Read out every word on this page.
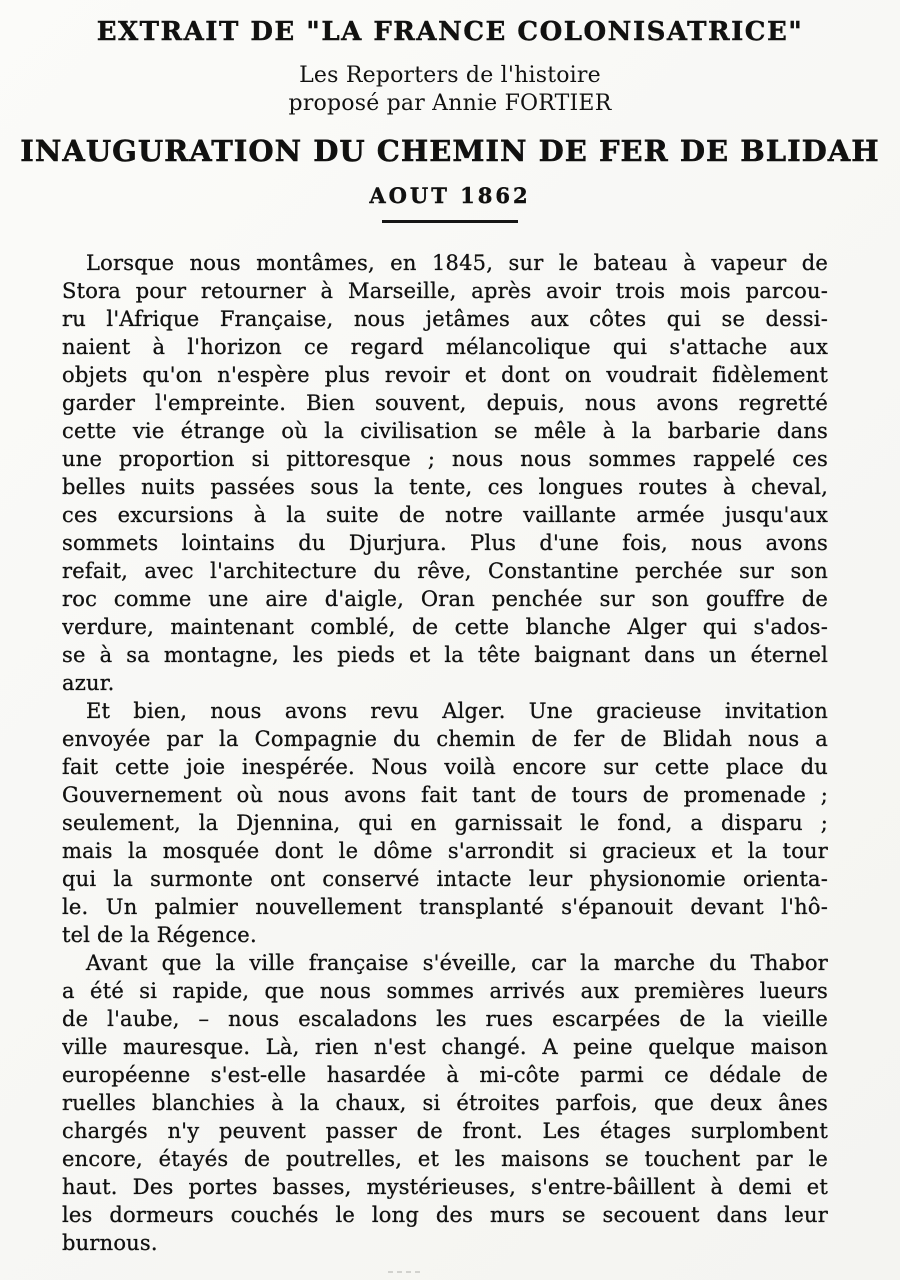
EXTRAIT DE "LA FRANCE COLONISATRICE"

Les Reporters de l'histoire

proposé par Annie FORTIER

INAUGURATION DU CHEMIN DE FER DE BLIDAH
AOUT 1862
Lorsque nous montâmes, en 1845, sur le bateau à vapeur de
Stora pour retourner à Marseille, après avoir trois mois parcou-
ru l'Afrique Française, nous jetâmes aux côtes qui se dessi-
naient à l'horizon ce regard mélancolique qui s'attache aux
objets qu'on n'espère plus revoir et dont on voudrait fidèlement
garder l'empreinte. Bien souvent, depuis, nous avons regretté
cette vie étrange où la civilisation se mêle à la barbarie dans
une proportion si pittoresque ; nous nous sommes rappelé ces
belles nuits passées sous la tente, ces longues routes à cheval,
ces excursions à la suite de notre vaillante armée jusqu'aux
sommets lointains du Djurjura. Plus d'une fois, nous avons
refait, avec l'architecture du rêve, Constantine perchée sur son
roc comme une aire d'aigle, Oran penchée sur son gouffre de
verdure, maintenant comblé, de cette blanche Alger qui s'ados-
se à sa montagne, les pieds et la tête baignant dans un éternel
azur.
Et bien, nous avons revu Alger. Une gracieuse invitation
envoyée par la Compagnie du chemin de fer de Blidah nous a
fait cette joie inespérée. Nous voilà encore sur cette place du
Gouvernement où nous avons fait tant de tours de promenade ;
seulement, la Djennina, qui en garnissait le fond, a disparu ;
mais la mosquée dont le dôme s'arrondit si gracieux et la tour
qui la surmonte ont conservé intacte leur physionomie orienta-
le. Un palmier nouvellement transplanté s'épanouit devant l'hô-
tel de la Régence.
Avant que la ville française s'éveille, car la marche du Thabor
a été si rapide, que nous sommes arrivés aux premières lueurs
de l'aube, – nous escaladons les rues escarpées de la vieille
ville mauresque. Là, rien n'est changé. A peine quelque maison
européenne s'est-elle hasardée à mi-côte parmi ce dédale de
ruelles blanchies à la chaux, si étroites parfois, que deux ânes
chargés n'y peuvent passer de front. Les étages surplombent
encore, étayés de poutrelles, et les maisons se touchent par le
haut. Des portes basses, mystérieuses, s'entre-bâillent à demi et
les dormeurs couchés le long des murs se secouent dans leur
burnous.
